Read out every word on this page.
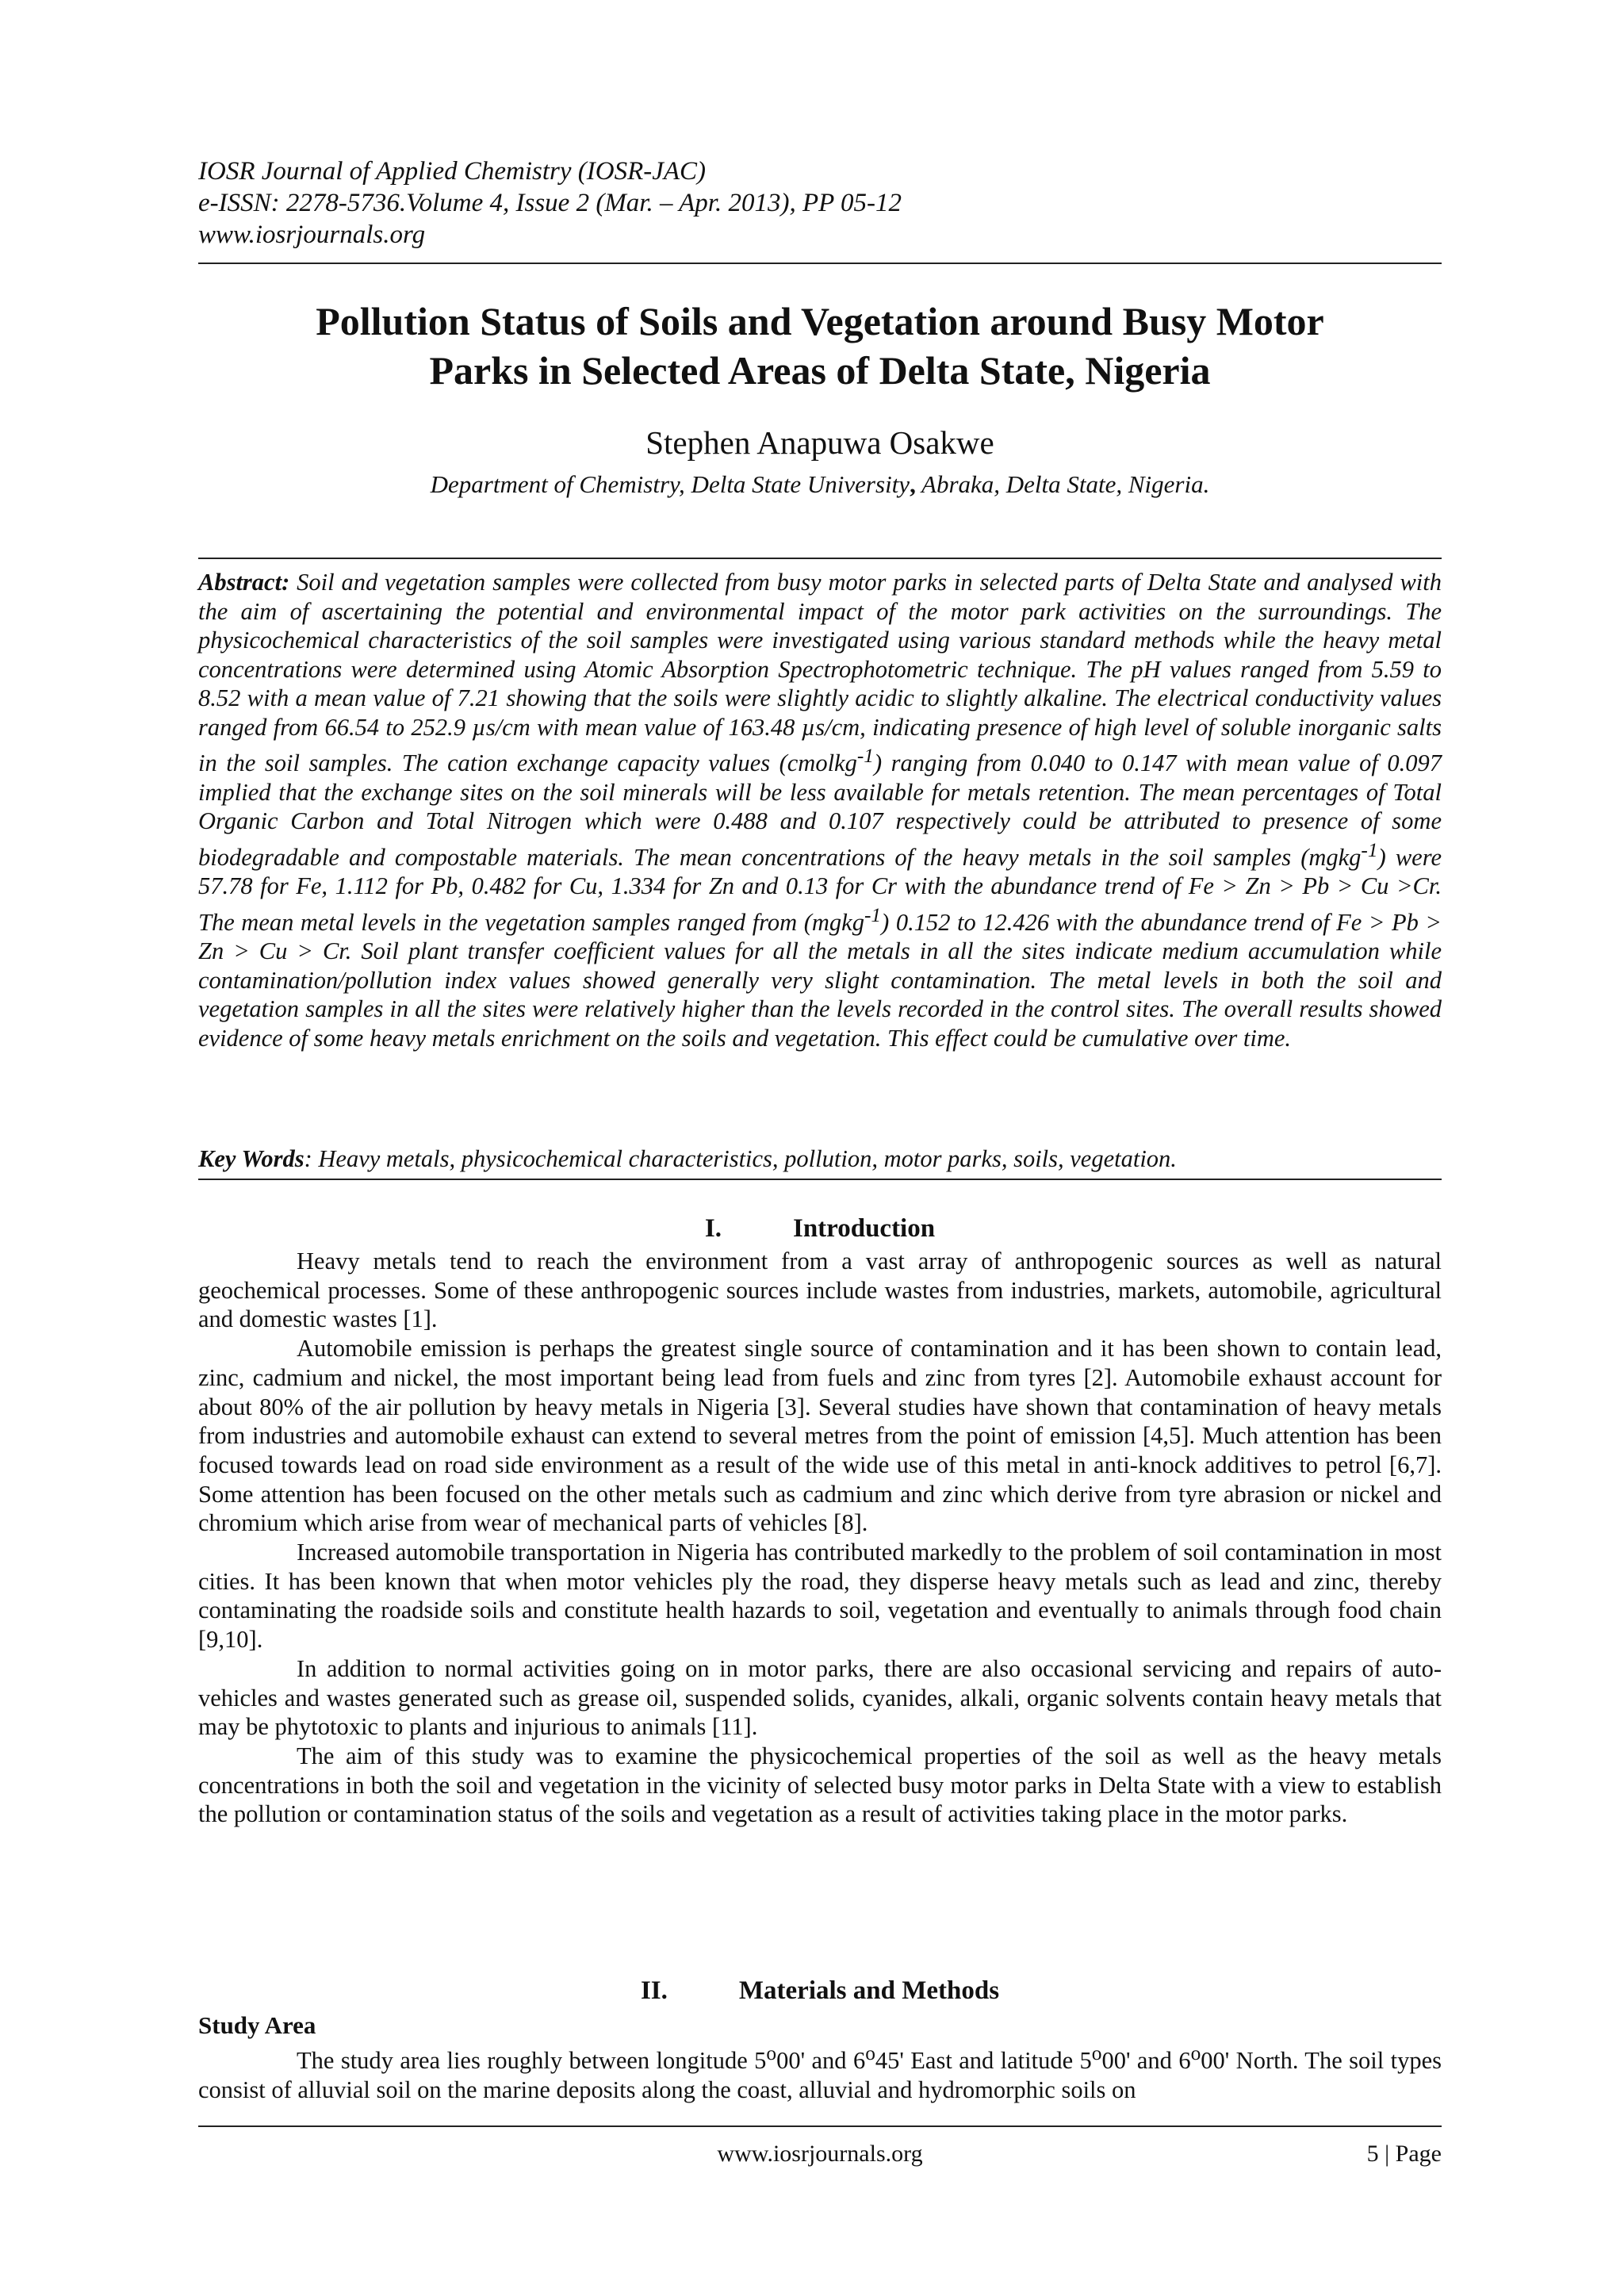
IOSR Journal of Applied Chemistry (IOSR-JAC)
e-ISSN: 2278-5736.Volume 4, Issue 2 (Mar. – Apr. 2013), PP 05-12
www.iosrjournals.org
Pollution Status of Soils and Vegetation around Busy Motor
Parks in Selected Areas of Delta State, Nigeria
Stephen Anapuwa Osakwe
Department of Chemistry, Delta State University, Abraka, Delta State, Nigeria.
Abstract: Soil and vegetation samples were collected from busy motor parks in selected parts of Delta State and analysed with the aim of ascertaining the potential and environmental impact of the motor park activities on the surroundings. The physicochemical characteristics of the soil samples were investigated using various standard methods while the heavy metal concentrations were determined using Atomic Absorption Spectrophotometric technique. The pH values ranged from 5.59 to 8.52 with a mean value of 7.21 showing that the soils were slightly acidic to slightly alkaline. The electrical conductivity values ranged from 66.54 to 252.9 µs/cm with mean value of 163.48 µs/cm, indicating presence of high level of soluble inorganic salts in the soil samples. The cation exchange capacity values (cmolkg$^{-1}$) ranging from 0.040 to 0.147 with mean value of 0.097 implied that the exchange sites on the soil minerals will be less available for metals retention. The mean percentages of Total Organic Carbon and Total Nitrogen which were 0.488 and 0.107 respectively could be attributed to presence of some biodegradable and compostable materials. The mean concentrations of the heavy metals in the soil samples (mgkg$^{-1}$) were 57.78 for Fe, 1.112 for Pb, 0.482 for Cu, 1.334 for Zn and 0.13 for Cr with the abundance trend of Fe > Zn > Pb > Cu >Cr. The mean metal levels in the vegetation samples ranged from (mgkg$^{-1}$) 0.152 to 12.426 with the abundance trend of Fe > Pb > Zn > Cu > Cr. Soil plant transfer coefficient values for all the metals in all the sites indicate medium accumulation while contamination/pollution index values showed generally very slight contamination. The metal levels in both the soil and vegetation samples in all the sites were relatively higher than the levels recorded in the control sites. The overall results showed evidence of some heavy metals enrichment on the soils and vegetation. This effect could be cumulative over time.
Key Words: Heavy metals, physicochemical characteristics, pollution, motor parks, soils, vegetation.
I.	Introduction

Heavy metals tend to reach the environment from a vast array of anthropogenic sources as well as natural geochemical processes. Some of these anthropogenic sources include wastes from industries, markets, automobile, agricultural and domestic wastes [1].

Automobile emission is perhaps the greatest single source of contamination and it has been shown to contain lead, zinc, cadmium and nickel, the most important being lead from fuels and zinc from tyres [2]. Automobile exhaust account for about 80% of the air pollution by heavy metals in Nigeria [3]. Several studies have shown that contamination of heavy metals from industries and automobile exhaust can extend to several metres from the point of emission [4,5]. Much attention has been focused towards lead on road side environment as a result of the wide use of this metal in anti-knock additives to petrol [6,7]. Some attention has been focused on the other metals such as cadmium and zinc which derive from tyre abrasion or nickel and chromium which arise from wear of mechanical parts of vehicles [8].

Increased automobile transportation in Nigeria has contributed markedly to the problem of soil contamination in most cities. It has been known that when motor vehicles ply the road, they disperse heavy metals such as lead and zinc, thereby contaminating the roadside soils and constitute health hazards to soil, vegetation and eventually to animals through food chain [9,10].

In addition to normal activities going on in motor parks, there are also occasional servicing and repairs of auto-vehicles and wastes generated such as grease oil, suspended solids, cyanides, alkali, organic solvents contain heavy metals that may be phytotoxic to plants and injurious to animals [11].

The aim of this study was to examine the physicochemical properties of the soil as well as the heavy metals concentrations in both the soil and vegetation in the vicinity of selected busy motor parks in Delta State with a view to establish the pollution or contamination status of the soils and vegetation as a result of activities taking place in the motor parks.

II.	Materials and Methods
Study Area

The study area lies roughly between longitude 5$^o$00' and 6$^o$45' East and latitude 5$^o$00' and 6$^o$00' North. The soil types consist of alluvial soil on the marine deposits along the coast, alluvial and hydromorphic soils on

www.iosrjournals.org	5 | Page
